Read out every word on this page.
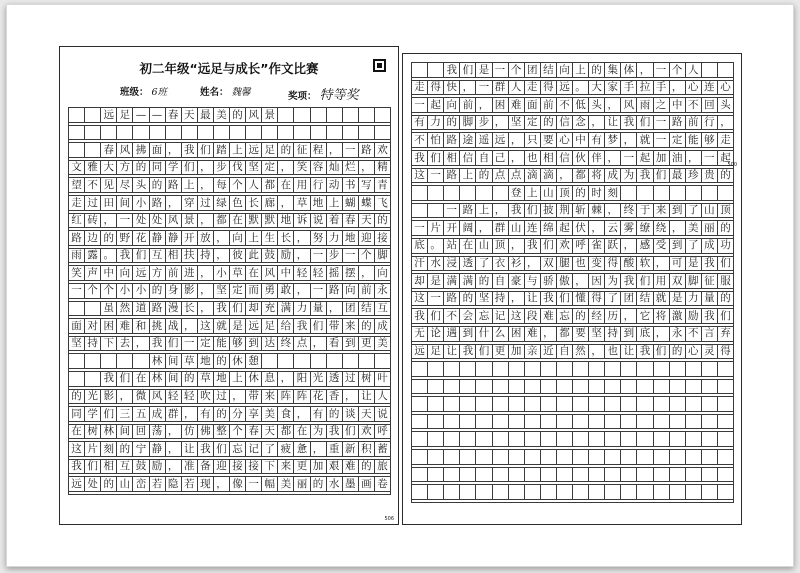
初二年级“远足与成长”作文比赛
班级： 6班	姓名： 魏馨	奖项： 特等奖

远 足 — — 春 天 最 美 的 风 景

春 风 拂 面 ， 我 们 踏 上 远 足 的 征 程 ， 一 路 欢
文 雅 大 方 的 同 学 们 ， 步 伐 坚 定 ， 笑 容 灿 烂 ， 精
望 不 见 尽 头 的 路 上 ， 每 个 人 都 在 用 行 动 书 写 青
走 过 田 间 小 路 ， 穿 过 绿 色 长 廊 ， 草 地 上 蝴 蝶 飞
红 砖 ， 一 处 处 风 景 ， 都 在 默 默 地 诉 说 着 春 天 的
路 边 的 野 花 静 静 开 放 ， 向 上 生 长 ， 努 力 地 迎 接
雨 露 。 我 们 互 相 扶 持 ， 彼 此 鼓 励 ， 一 步 一 个 脚
笑 声 中 向 远 方 前 进 ， 小 草 在 风 中 轻 轻 摇 摆 ， 向
一 个 个 小 小 的 身 影 ， 坚 定 而 勇 敢 ， 一 路 向 前 永

虽 然 道 路 漫 长 ， 我 们 却 充 满 力 量 ， 团 结 互
面 对 困 难 和 挑 战 ， 这 就 是 远 足 给 我 们 带 来 的 成
坚 持 下 去 ， 我 们 一 定 能 够 到 达 终 点 ， 看 到 更 美

林 间 草 地 的 休 憩

我 们 在 林 间 的 草 地 上 休 息 ， 阳 光 透 过 树 叶
的 光 影 ， 微 风 轻 轻 吹 过 ， 带 来 阵 阵 花 香 ， 让 人
同 学 们 三 五 成 群 ， 有 的 分 享 美 食 ， 有 的 谈 天 说
在 树 林 间 回 荡 ， 仿 佛 整 个 春 天 都 在 为 我 们 欢 呼
这 片 刻 的 宁 静 ， 让 我 们 忘 记 了 疲 惫 ， 重 新 积 蓄
我 们 相 互 鼓 励 ， 准 备 迎 接 接 下 来 更 加 艰 难 的 旅
远 处 的 山 峦 若 隐 若 现 ， 像 一 幅 美 丽 的 水 墨 画 卷
506

我 们 是 一 个 团 结 向 上 的 集 体 ， 一 个 人
走 得 快 ， 一 群 人 走 得 远 。 大 家 手 拉 手 ， 心 连 心
一 起 向 前 ， 困 难 面 前 不 低 头 ， 风 雨 之 中 不 回 头
有 力 的 脚 步 ， 坚 定 的 信 念 ， 让 我 们 一 路 前 行 ，
不 怕 路 途 遥 远 ， 只 要 心 中 有 梦 ， 就 一 定 能 够 走
我 们 相 信 自 己 ， 也 相 信 伙 伴 ， 一 起 加 油 ， 一 起
这 一 路 上 的 点 点 滴 滴 ， 都 将 成 为 我 们 最 珍 贵 的

登 上 山 顶 的 时 刻

一 路 上 ， 我 们 披 荆 斩 棘 ， 终 于 来 到 了 山 顶
一 片 开 阔 ， 群 山 连 绵 起 伏 ， 云 雾 缭 绕 ， 美 丽 的
底 。 站 在 山 顶 ， 我 们 欢 呼 雀 跃 ， 感 受 到 了 成 功
汗 水 浸 透 了 衣 衫 ， 双 腿 也 变 得 酸 软 ， 可 是 我 们
却 是 满 满 的 自 豪 与 骄 傲 ， 因 为 我 们 用 双 脚 征 服
这 一 路 的 坚 持 ， 让 我 们 懂 得 了 团 结 就 是 力 量 的
我 们 不 会 忘 记 这 段 难 忘 的 经 历 ， 它 将 激 励 我 们
无 论 遇 到 什 么 困 难 ， 都 要 坚 持 到 底 ， 永 不 言 弃
远 足 让 我 们 更 加 亲 近 自 然 ， 也 让 我 们 的 心 灵 得

500
